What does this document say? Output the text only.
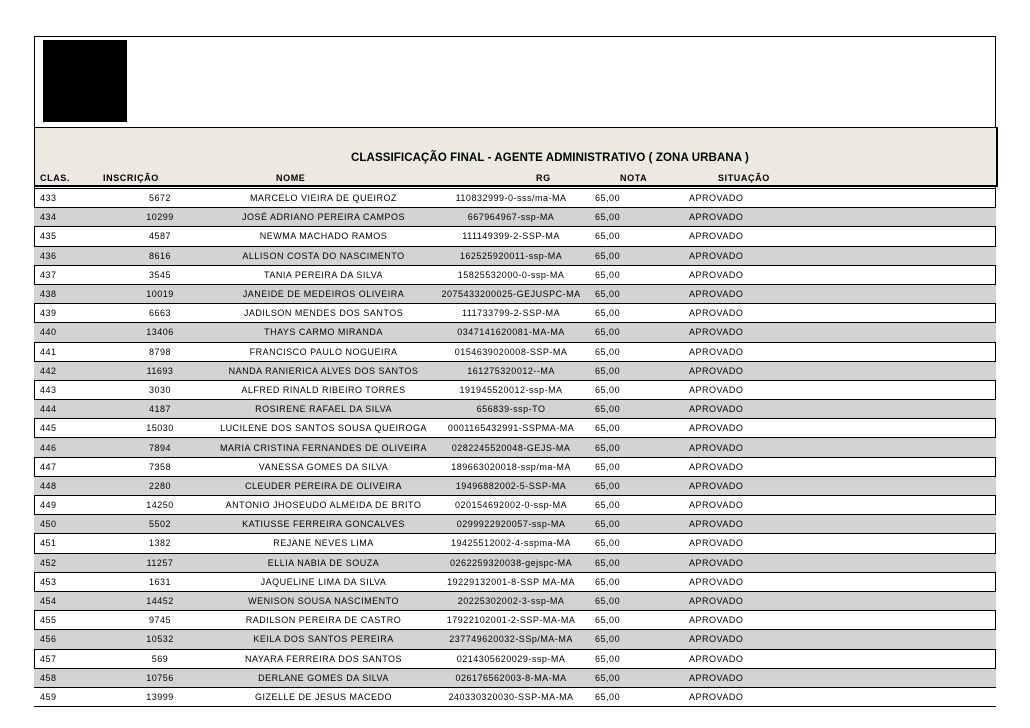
CLASSIFICAÇÃO FINAL - AGENTE ADMINISTRATIVO ( ZONA URBANA )
CLAS.	INSCRIÇÃO	NOME	RG	NOTA	SITUAÇÃO
433	5672	MARCELO VIEIRA DE QUEIROZ	110832999-0-sss/ma-MA	65,00	APROVADO
434	10299	JOSÉ ADRIANO PEREIRA CAMPOS	667964967-ssp-MA	65,00	APROVADO
435	4587	NEWMA MACHADO RAMOS	111149399-2-SSP-MA	65,00	APROVADO
436	8616	ALLISON COSTA DO NASCIMENTO	162525920011-ssp-MA	65,00	APROVADO
437	3545	TANIA PEREIRA DA SILVA	15825532000-0-ssp-MA	65,00	APROVADO
438	10019	JANEIDE DE MEDEIROS OLIVEIRA	2075433200025-GEJUSPC-MA	65,00	APROVADO
439	6663	JADILSON MENDES DOS SANTOS	111733799-2-SSP-MA	65,00	APROVADO
440	13406	THAYS CARMO MIRANDA	0347141620081-MA-MA	65,00	APROVADO
441	8798	FRANCISCO PAULO NOGUEIRA	0154639020008-SSP-MA	65,00	APROVADO
442	11693	NANDA RANIERICA ALVES DOS SANTOS	161275320012--MA	65,00	APROVADO
443	3030	ALFRED RINALD RIBEIRO TORRES	191945520012-ssp-MA	65,00	APROVADO
444	4187	ROSIRENE RAFAEL DA SILVA	656839-ssp-TO	65,00	APROVADO
445	15030	LUCILENE DOS SANTOS SOUSA QUEIROGA	0001165432991-SSPMA-MA	65,00	APROVADO
446	7894	MARIA CRISTINA FERNANDES DE OLIVEIRA	0282245520048-GEJS-MA	65,00	APROVADO
447	7358	VANESSA GOMES DA SILVA	189663020018-ssp/ma-MA	65,00	APROVADO
448	2280	CLEUDER PEREIRA DE OLIVEIRA	19496882002-5-SSP-MA	65,00	APROVADO
449	14250	ANTONIO JHOSEUDO ALMEIDA DE BRITO	020154692002-0-ssp-MA	65,00	APROVADO
450	5502	KATIUSSE FERREIRA GONCALVES	0299922920057-ssp-MA	65,00	APROVADO
451	1382	REJANE NEVES LIMA	19425512002-4-sspma-MA	65,00	APROVADO
452	11257	ELLIA NABIA DE SOUZA	0262259320038-gejspc-MA	65,00	APROVADO
453	1631	JAQUELINE LIMA DA SILVA	19229132001-8-SSP MA-MA	65,00	APROVADO
454	14452	WENISON SOUSA NASCIMENTO	20225302002-3-ssp-MA	65,00	APROVADO
455	9745	RADILSON PEREIRA DE CASTRO	17922102001-2-SSP-MA-MA	65,00	APROVADO
456	10532	KEILA DOS SANTOS PEREIRA	237749620032-SSp/MA-MA	65,00	APROVADO
457	569	NAYARA FERREIRA DOS SANTOS	0214305620029-ssp-MA	65,00	APROVADO
458	10756	DERLANE GOMES DA SILVA	026176562003-8-MA-MA	65,00	APROVADO
459	13999	GIZELLE DE JESUS MACEDO	240330320030-SSP-MA-MA	65,00	APROVADO
